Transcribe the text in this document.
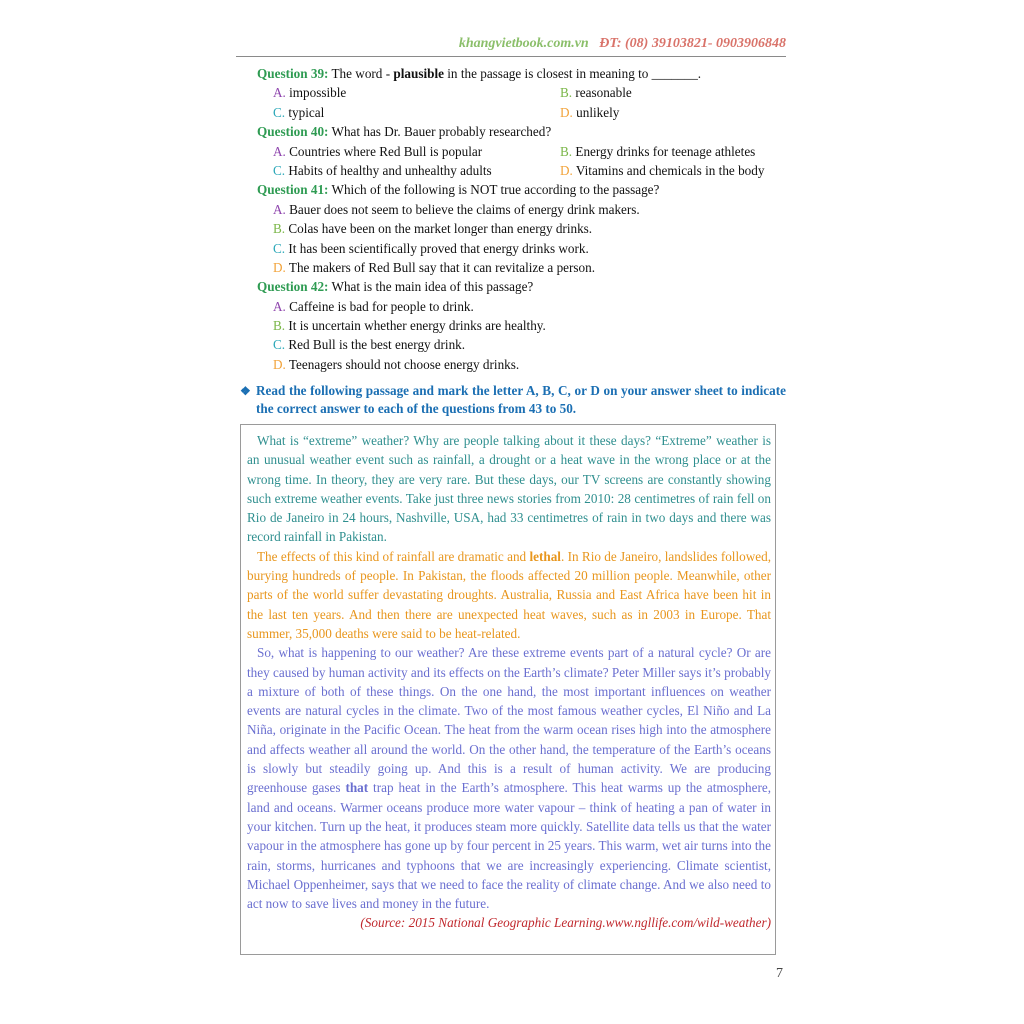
khangvietbook.com.vn ĐT: (08) 39103821- 0903906848
Question 39: The word - plausible in the passage is closest in meaning to _______.
A. impossible	B. reasonable
C. typical	D. unlikely
Question 40: What has Dr. Bauer probably researched?
A. Countries where Red Bull is popular	B. Energy drinks for teenage athletes
C. Habits of healthy and unhealthy adults	D. Vitamins and chemicals in the body
Question 41: Which of the following is NOT true according to the passage?
A. Bauer does not seem to believe the claims of energy drink makers.
B. Colas have been on the market longer than energy drinks.
C. It has been scientifically proved that energy drinks work.
D. The makers of Red Bull say that it can revitalize a person.
Question 42: What is the main idea of this passage?
A. Caffeine is bad for people to drink.
B. It is uncertain whether energy drinks are healthy.
C. Red Bull is the best energy drink.
D. Teenagers should not choose energy drinks.
❖ Read the following passage and mark the letter A, B, C, or D on your answer sheet to indicate the correct answer to each of the questions from 43 to 50.

What is “extreme” weather? Why are people talking about it these days? “Extreme” weather is an unusual weather event such as rainfall, a drought or a heat wave in the wrong place or at the wrong time. In theory, they are very rare. But these days, our TV screens are constantly showing such extreme weather events. Take just three news stories from 2010: 28 centimetres of rain fell on Rio de Janeiro in 24 hours, Nashville, USA, had 33 centimetres of rain in two days and there was record rainfall in Pakistan.

The effects of this kind of rainfall are dramatic and lethal. In Rio de Janeiro, landslides followed, burying hundreds of people. In Pakistan, the floods affected 20 million people. Meanwhile, other parts of the world suffer devastating droughts. Australia, Russia and East Africa have been hit in the last ten years. And then there are unexpected heat waves, such as in 2003 in Europe. That summer, 35,000 deaths were said to be heat-related.

So, what is happening to our weather? Are these extreme events part of a natural cycle? Or are they caused by human activity and its effects on the Earth’s climate? Peter Miller says it’s probably a mixture of both of these things. On the one hand, the most important influences on weather events are natural cycles in the climate. Two of the most famous weather cycles, El Niño and La Niña, originate in the Pacific Ocean. The heat from the warm ocean rises high into the atmosphere and affects weather all around the world. On the other hand, the temperature of the Earth’s oceans is slowly but steadily going up. And this is a result of human activity. We are producing greenhouse gases that trap heat in the Earth’s atmosphere. This heat warms up the atmosphere, land and oceans. Warmer oceans produce more water vapour – think of heating a pan of water in your kitchen. Turn up the heat, it produces steam more quickly. Satellite data tells us that the water vapour in the atmosphere has gone up by four percent in 25 years. This warm, wet air turns into the rain, storms, hurricanes and typhoons that we are increasingly experiencing. Climate scientist, Michael Oppenheimer, says that we need to face the reality of climate change. And we also need to act now to save lives and money in the future.

(Source: 2015 National Geographic Learning.www.ngllife.com/wild-weather)
7
